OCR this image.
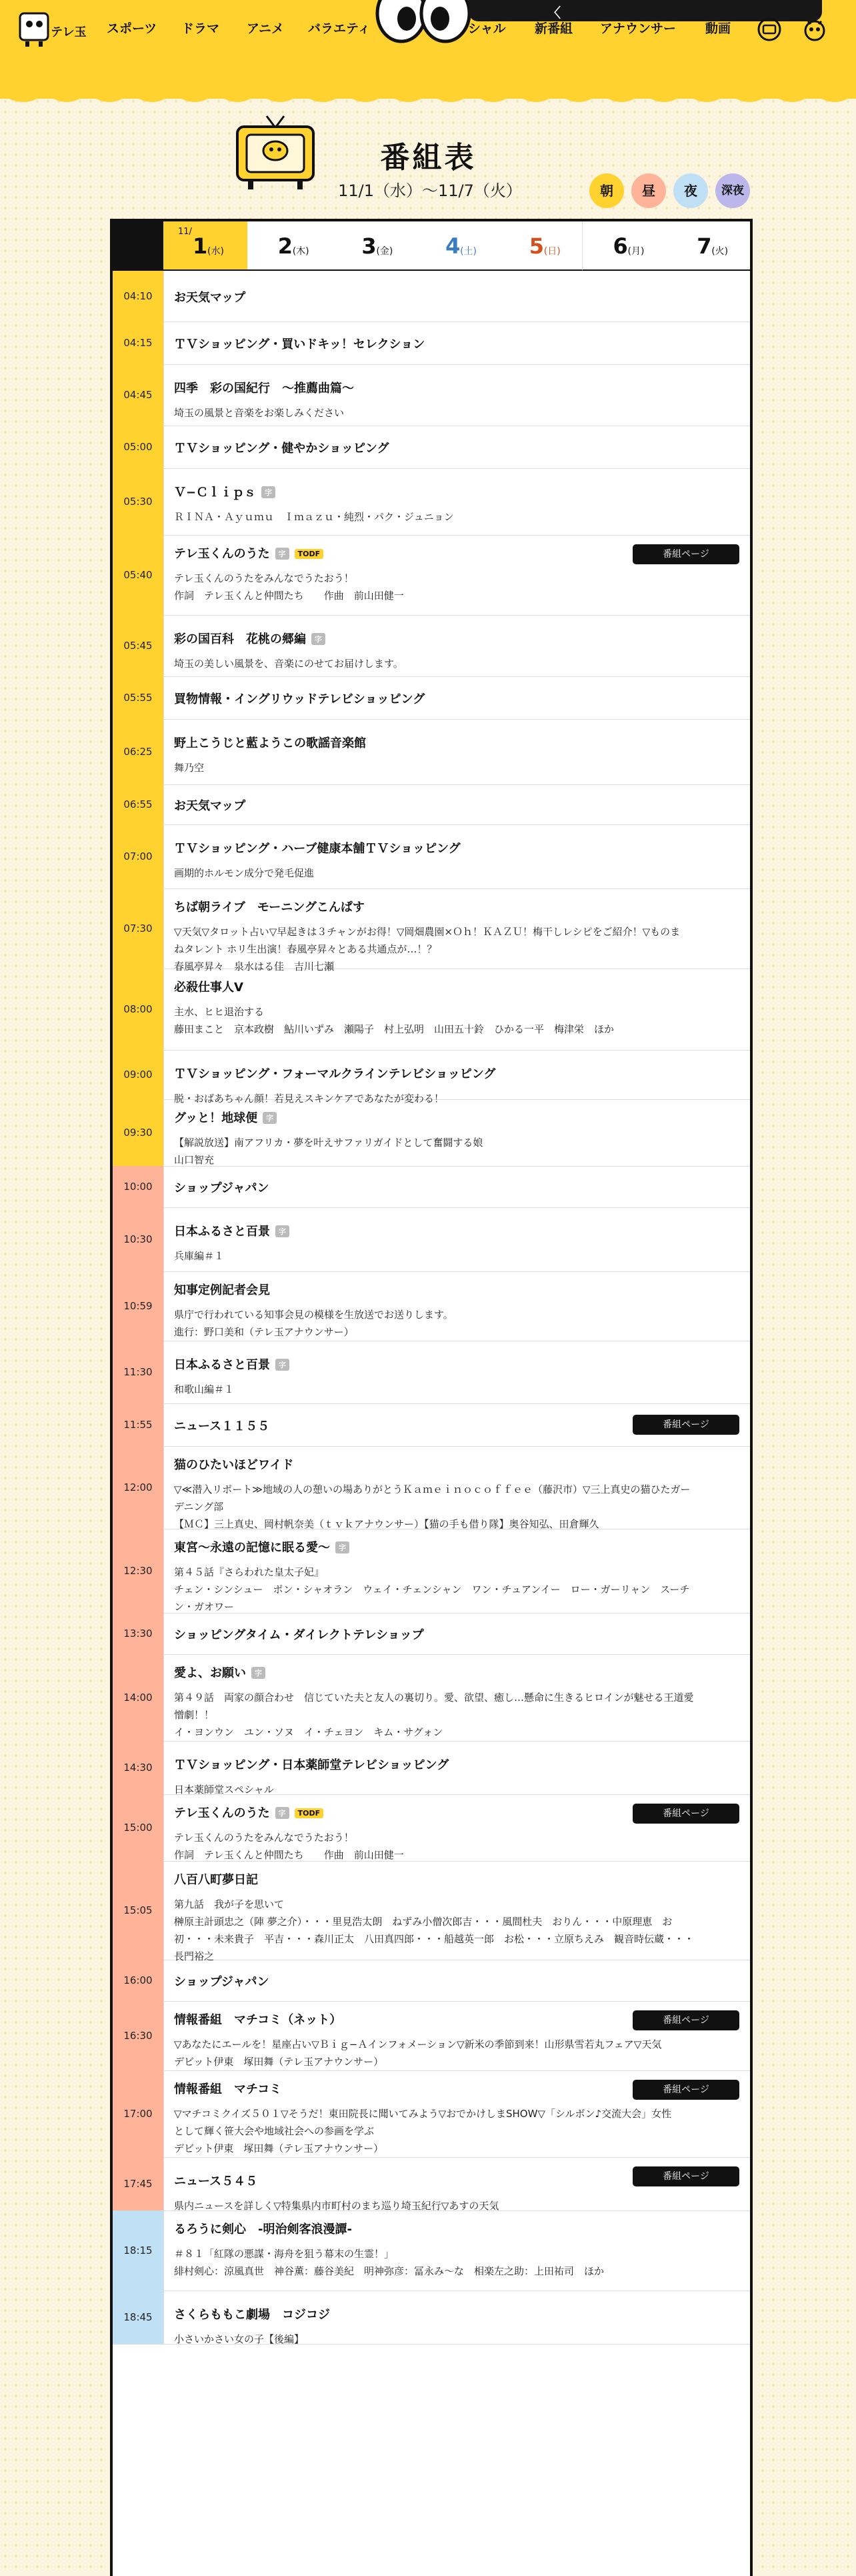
テレ玉 スポーツ ドラマ アニメ バラエティ	シャル 新番組 アナウンサー 動画
〈
番組表
11/1（水）〜11/7（火）	朝	昼	夜	深夜
11/
1 (水)	2 (木) 3 (金) 4 (土) 5 (日) 6 (月) 7 (火)
04:10	お天気マップ
04:15	ＴＶショッピング・買いドキッ！セレクション
04:45	四季　彩の国紀行　〜推薦曲篇〜
埼玉の風景と音楽をお楽しみください
05:00	ＴＶショッピング・健やかショッピング
05:30
Ｖ−Ｃｌｉｐｓ 字
ＲＩＮＡ・Ａｙｕｍｕ　Ｉｍａｚｕ・純烈・パク・ジュニョン
05:40
テレ玉くんのうた 字 TODF
テレ玉くんのうたをみんなでうたおう！
作詞　テレ玉くんと仲間たち　　作曲　前山田健一
番組ページ
05:45	彩の国百科　花桃の郷編 字
埼玉の美しい風景を、音楽にのせてお届けします。
05:55	買物情報・イングリウッドテレビショッピング
06:25
野上こうじと藍ようこの歌謡音楽館
舞乃空
06:55	お天気マップ
07:00
ＴＶショッピング・ハーブ健康本舗ＴＶショッピング
画期的ホルモン成分で発毛促進
07:30
ちば朝ライブ　モーニングこんぱす
▽天気▽タロット占い▽早起きは３チャンがお得！▽岡畑農園×Ｏｈ！ＫＡＺＵ！梅干しレシピをご紹介！▽ものま
ねタレント ホリ生出演！春風亭昇々とある共通点が…！？
春風亭昇々　泉水はる佳　吉川七瀬
08:00
必殺仕事人Ⅴ
主水、ヒヒ退治する
藤田まこと　京本政樹　鮎川いずみ　瀬陽子　村上弘明　山田五十鈴　ひかる一平　梅津栄　ほか
09:00	ＴＶショッピング・フォーマルクラインテレビショッピング
脱・おばあちゃん顔！若見えスキンケアであなたが変わる！
09:30
グッと！地球便 字
【解説放送】南アフリカ・夢を叶えサファリガイドとして奮闘する娘
山口智充
10:00	ショップジャパン
10:30
日本ふるさと百景 字
兵庫編＃１
10:59
知事定例記者会見
県庁で行われている知事会見の模様を生放送でお送りします。
進行：野口美和（テレ玉アナウンサー）
11:30	日本ふるさと百景 字
和歌山編＃１
11:55	ニュース１１５５	番組ページ
12:00
猫のひたいほどワイド
▽≪潜入リポート≫地域の人の憩いの場ありがとうＫａｍｅｉｎｏｃｏｆｆｅｅ（藤沢市）▽三上真史の猫ひたガー
デニング部
【ＭＣ】三上真史、岡村帆奈美（ｔｖｋアナウンサー）【猫の手も借り隊】奥谷知弘、田倉輝久
12:30
東宮〜永遠の記憶に眠る愛〜 字
第４５話『さらわれた皇太子妃』
チェン・シンシュー　ポン・シャオラン　ウェイ・チェンシャン　ワン・チュアンイー　ロー・ガーリャン　スーチ
ン・ガオワー
13:30	ショッピングタイム・ダイレクトテレショップ
14:00
愛よ、お願い 字
第４９話　両家の顔合わせ　信じていた夫と友人の裏切り。愛、欲望、癒し…懸命に生きるヒロインが魅せる王道愛
憎劇！！
イ・ヨンウン　ユン・ソヌ　イ・チェヨン　キム・サグォン
14:30	ＴＶショッピング・日本薬師堂テレビショッピング
日本薬師堂スペシャル
15:00
テレ玉くんのうた 字 TODF
テレ玉くんのうたをみんなでうたおう！
作詞　テレ玉くんと仲間たち　　作曲　前山田健一
番組ページ
15:05
八百八町夢日記
第九話　我が子を思いて
榊原主計頭忠之（陣 夢之介）・・・里見浩太朗　ねずみ小僧次郎吉・・・風間杜夫　おりん・・・中原理恵　お
初・・・未来貴子　平吉・・・森川正太　八田真四郎・・・船越英一郎　お松・・・立原ちえみ　観音時伝蔵・・・
長門裕之
16:00	ショップジャパン
16:30
情報番組　マチコミ（ネット）
▽あなたにエールを！星座占い▽Ｂｉｇ−Ａインフォメーション▽新米の季節到来！山形県雪若丸フェア▽天気
デビット伊東　塚田舞（テレ玉アナウンサー）
番組ページ
17:00
情報番組　マチコミ
▽マチコミクイズ５０１▽そうだ！東田院長に聞いてみよう▽おでかけしまSHOW▽「シルボン♪交流大会」女性
として輝く笹大会や地域社会への参画を学ぶ
デビット伊東　塚田舞（テレ玉アナウンサー）
番組ページ
17:45	ニュース５４５
県内ニュースを詳しく▽特集県内市町村のまち巡り埼玉紀行▽あすの天気
番組ページ
18:15
るろうに剣心　-明治剣客浪漫譚-
＃８１「紅隊の悪謀・海舟を狙う幕末の生霊！」
緋村剣心：涼風真世　神谷薫：藤谷美紀　明神弥彦：冨永み〜な　相楽左之助：上田祐司　ほか
18:45	さくらももこ劇場　コジコジ
小さいかさい女の子【後編】
